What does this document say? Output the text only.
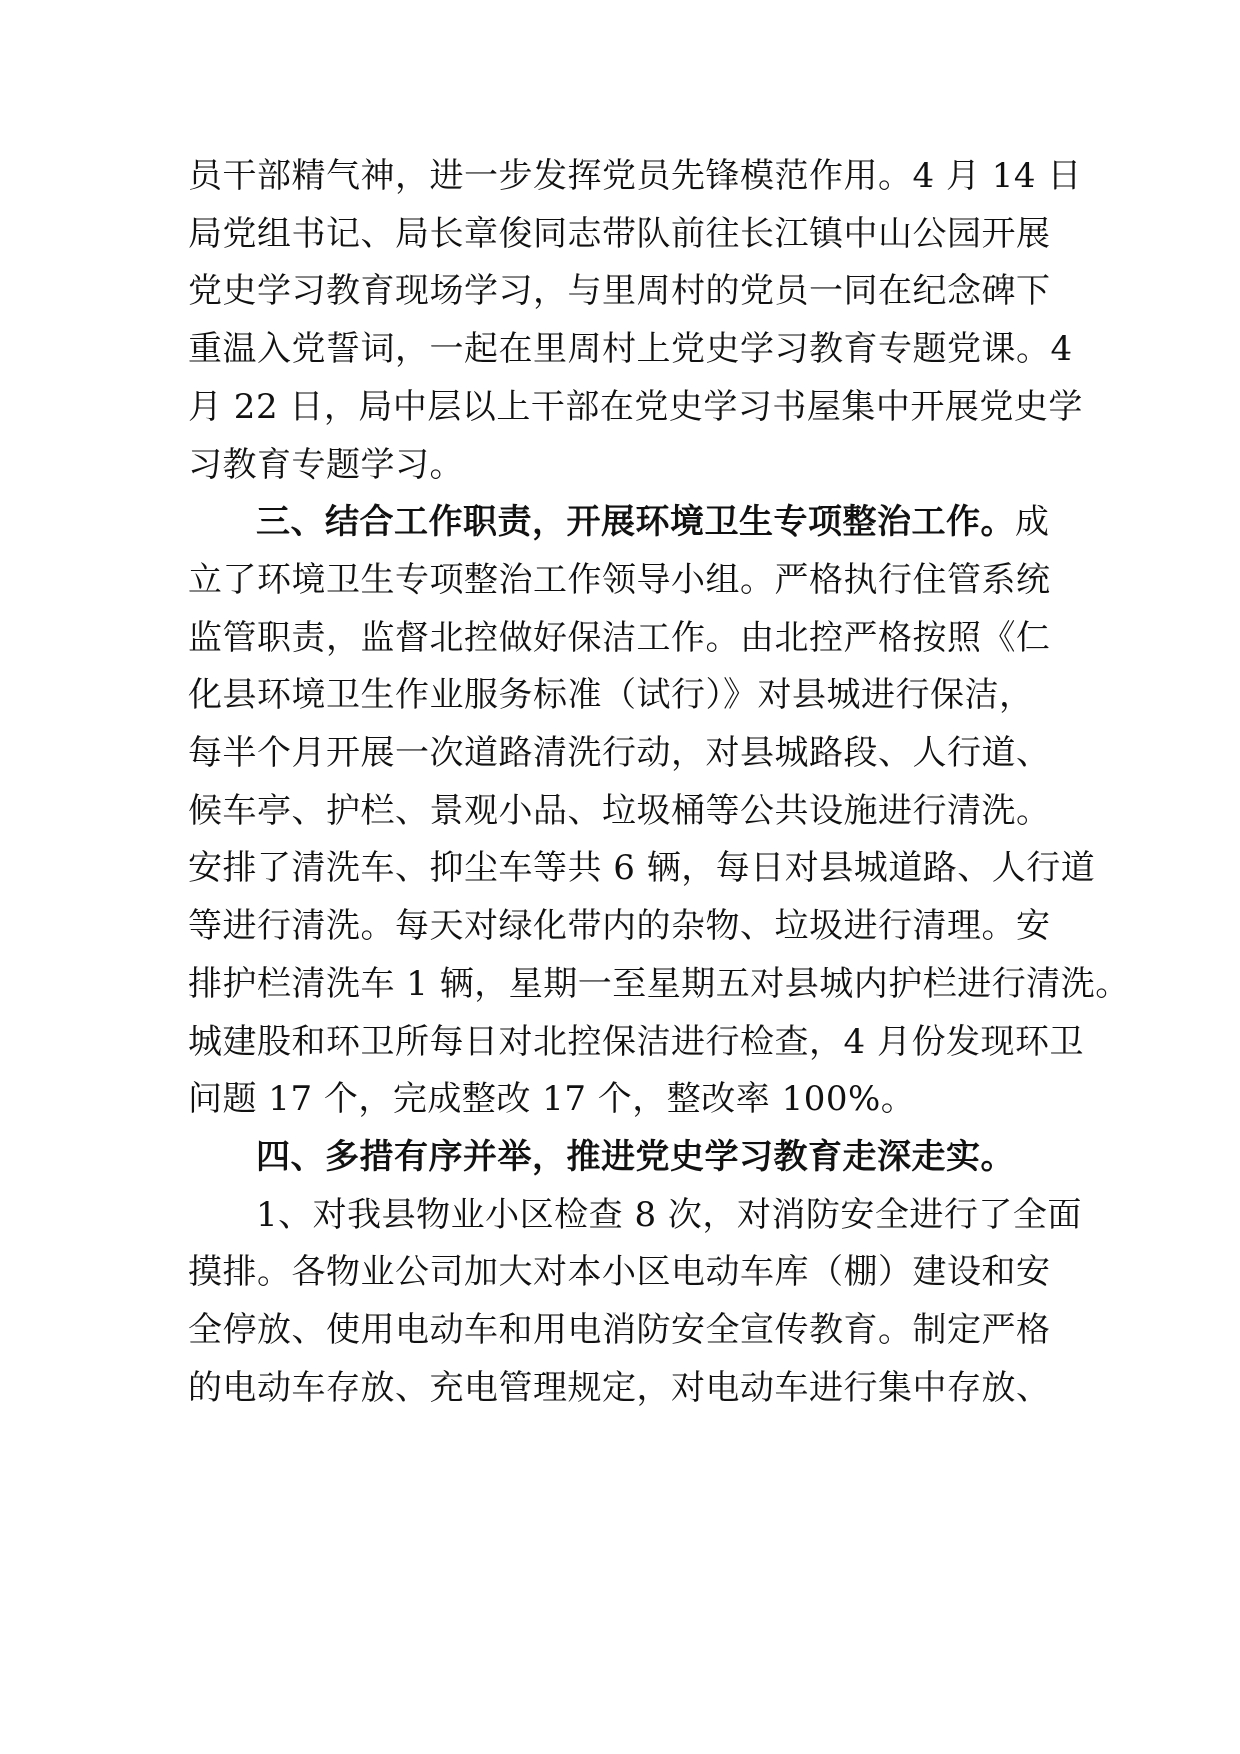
员干部精气神，进一步发挥党员先锋模范作用。4 月 14 日
局党组书记、局长章俊同志带队前往长江镇中山公园开展
党史学习教育现场学习，与里周村的党员一同在纪念碑下
重温入党誓词，一起在里周村上党史学习教育专题党课。4
月 22 日，局中层以上干部在党史学习书屋集中开展党史学
习教育专题学习。
三、结合工作职责，开展环境卫生专项整治工作。成
立了环境卫生专项整治工作领导小组。严格执行住管系统
监管职责，监督北控做好保洁工作。由北控严格按照《仁
化县环境卫生作业服务标准（试行）》对县城进行保洁，
每半个月开展一次道路清洗行动，对县城路段、人行道、
候车亭、护栏、景观小品、垃圾桶等公共设施进行清洗。
安排了清洗车、抑尘车等共 6 辆，每日对县城道路、人行道
等进行清洗。每天对绿化带内的杂物、垃圾进行清理。安
排护栏清洗车 1 辆，星期一至星期五对县城内护栏进行清洗。
城建股和环卫所每日对北控保洁进行检查，4 月份发现环卫
问题 17 个，完成整改 17 个，整改率 100%。
四、多措有序并举，推进党史学习教育走深走实。
1、对我县物业小区检查 8 次，对消防安全进行了全面
摸排。各物业公司加大对本小区电动车库（棚）建设和安
全停放、使用电动车和用电消防安全宣传教育。制定严格
的电动车存放、充电管理规定，对电动车进行集中存放、
